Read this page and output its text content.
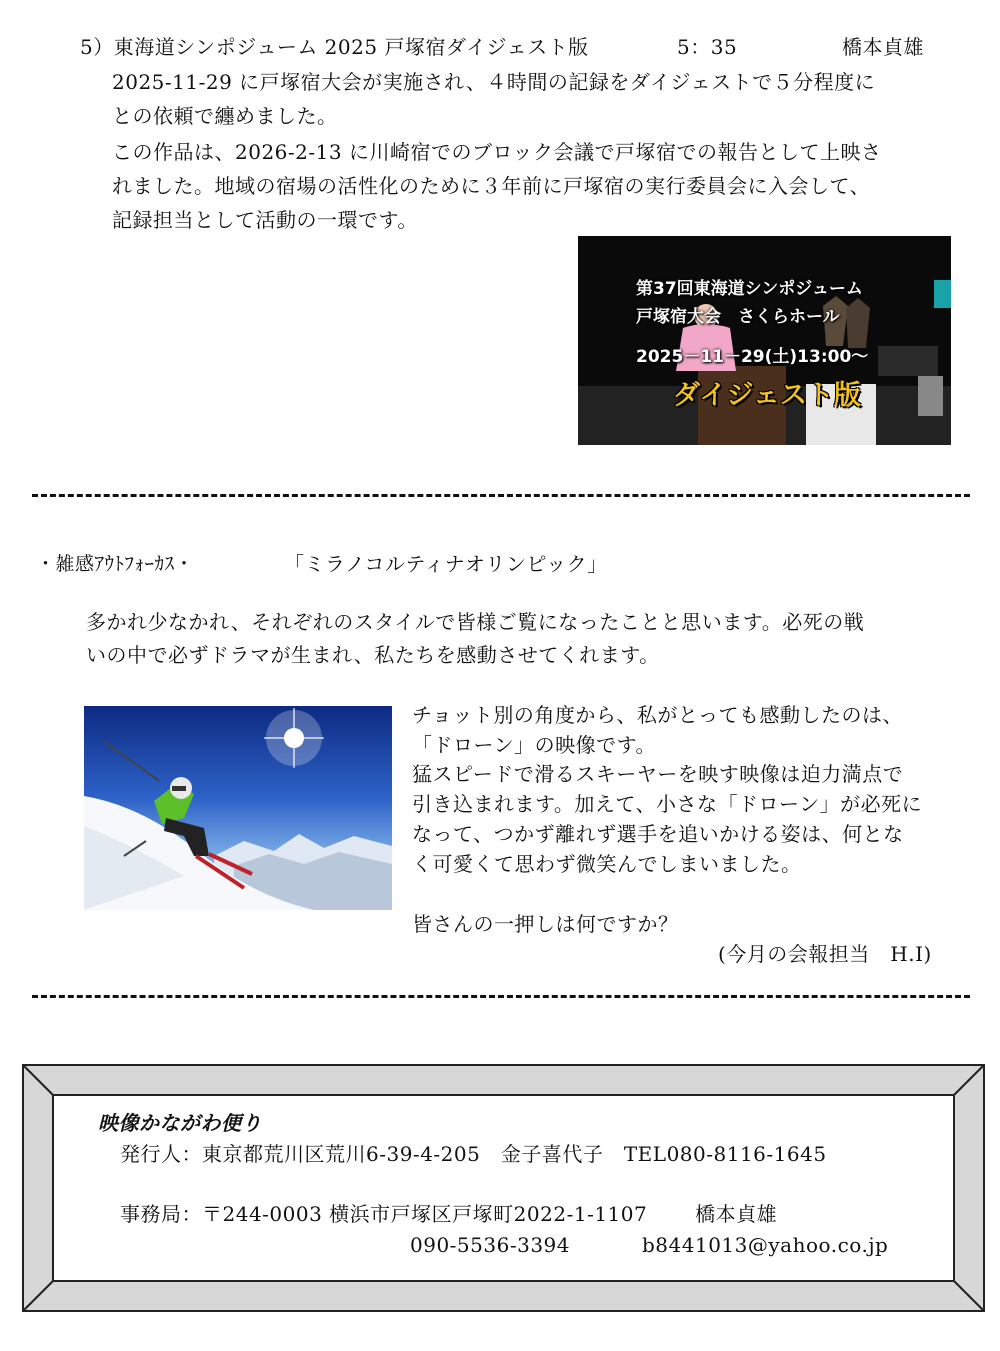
5）東海道シンポジューム 2025 戸塚宿ダイジェスト版	5：35	橋本貞雄
2025-11-29 に戸塚宿大会が実施され、４時間の記録をダイジェストで５分程度に
との依頼で纏めました。
この作品は、2026-2-13 に川崎宿でのブロック会議で戸塚宿での報告として上映さ
れました。地域の宿場の活性化のために３年前に戸塚宿の実行委員会に入会して、
記録担当として活動の一環です。
第37回東海道シンポジューム
戸塚宿大会　さくらホール
2025－11－29(土)13:00～
ダイジェスト版
・雑感ｱｳﾄﾌｫｰｶｽ・	「ミラノコルティナオリンピック」
多かれ少なかれ、それぞれのスタイルで皆様ご覧になったことと思います。必死の戦
いの中で必ずドラマが生まれ、私たちを感動させてくれます。
チョット別の角度から、私がとっても感動したのは、
「ドローン」の映像です。
猛スピードで滑るスキーヤーを映す映像は迫力満点で
引き込まれます。加えて、小さな「ドローン」が必死に
なって、つかず離れず選手を追いかける姿は、何とな
く可愛くて思わず微笑んでしまいました。
皆さんの一押しは何ですか？
(今月の会報担当　H.I)
映像かながわ便り
発行人：東京都荒川区荒川6-39-4-205　金子喜代子　TEL080-8116-1645
事務局：〒244-0003 横浜市戸塚区戸塚町2022-1-1107　　 橋本貞雄
090-5536-3394	b8441013@yahoo.co.jp
